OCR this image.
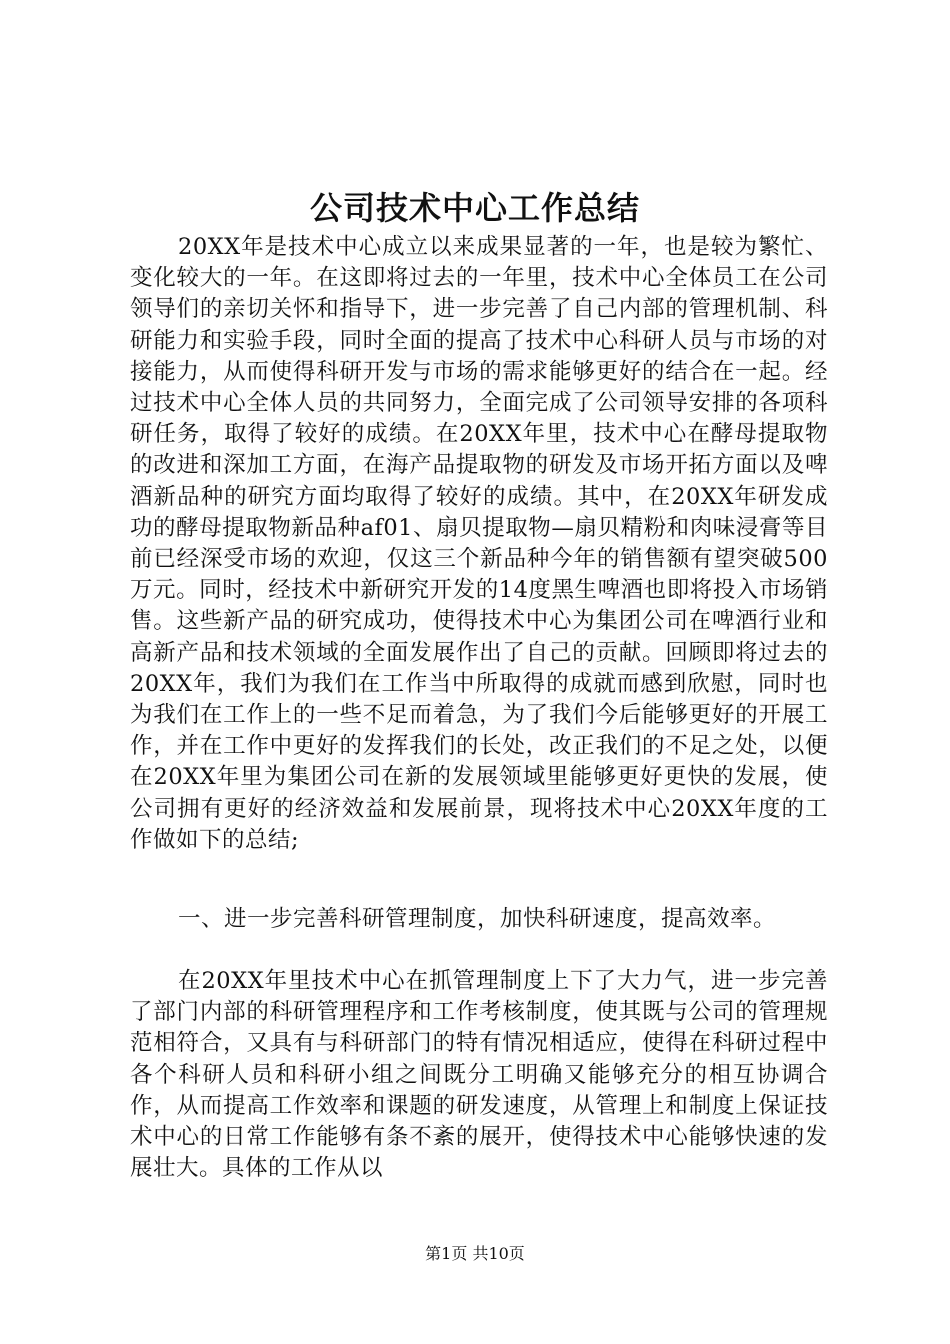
公司技术中心工作总结

20XX年是技术中心成立以来成果显著的一年，也是较为繁忙、变化较大的一年。在这即将过去的一年里，技术中心全体员工在公司领导们的亲切关怀和指导下，进一步完善了自己内部的管理机制、科研能力和实验手段，同时全面的提高了技术中心科研人员与市场的对接能力，从而使得科研开发与市场的需求能够更好的结合在一起。经过技术中心全体人员的共同努力，全面完成了公司领导安排的各项科研任务，取得了较好的成绩。在20XX年里，技术中心在酵母提取物的改进和深加工方面，在海产品提取物的研发及市场开拓方面以及啤酒新品种的研究方面均取得了较好的成绩。其中，在20XX年研发成功的酵母提取物新品种af01、扇贝提取物—扇贝精粉和肉味浸膏等目前已经深受市场的欢迎，仅这三个新品种今年的销售额有望突破500万元。同时，经技术中新研究开发的14度黑生啤酒也即将投入市场销售。这些新产品的研究成功，使得技术中心为集团公司在啤酒行业和高新产品和技术领域的全面发展作出了自己的贡献。回顾即将过去的20XX年，我们为我们在工作当中所取得的成就而感到欣慰，同时也为我们在工作上的一些不足而着急，为了我们今后能够更好的开展工作，并在工作中更好的发挥我们的长处，改正我们的不足之处，以便在20XX年里为集团公司在新的发展领域里能够更好更快的发展，使公司拥有更好的经济效益和发展前景，现将技术中心20XX年度的工作做如下的总结;

一、进一步完善科研管理制度，加快科研速度，提高效率。

在20XX年里技术中心在抓管理制度上下了大力气，进一步完善了部门内部的科研管理程序和工作考核制度，使其既与公司的管理规范相符合，又具有与科研部门的特有情况相适应，使得在科研过程中各个科研人员和科研小组之间既分工明确又能够充分的相互协调合作，从而提高工作效率和课题的研发速度，从管理上和制度上保证技术中心的日常工作能够有条不紊的展开，使得技术中心能够快速的发展壮大。具体的工作从以

第1页 共10页
